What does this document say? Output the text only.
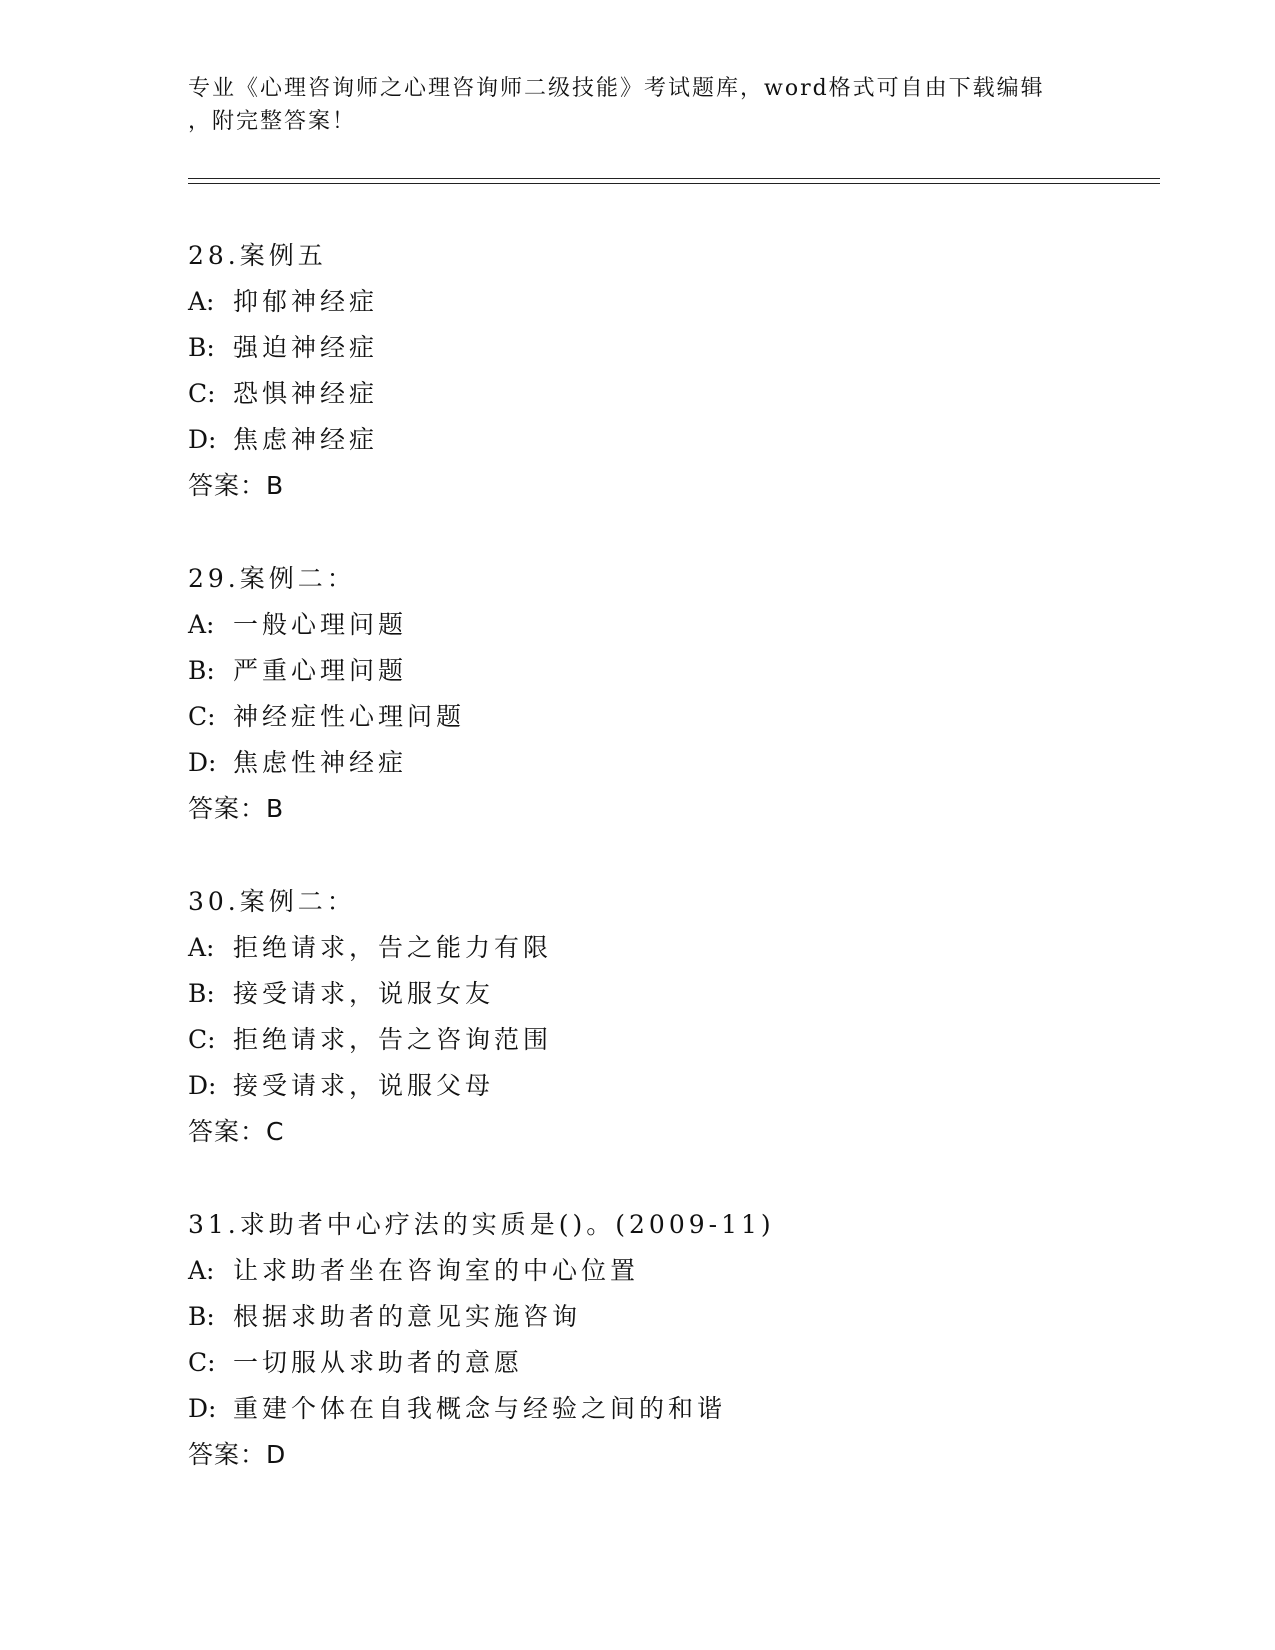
专业《心理咨询师之心理咨询师二级技能》考试题库，word格式可自由下载编辑
，附完整答案！
28.案例五
A: 抑郁神经症
B: 强迫神经症
C: 恐惧神经症
D: 焦虑神经症
答案：B
29.案例二：
A: 一般心理问题
B: 严重心理问题
C: 神经症性心理问题
D: 焦虑性神经症
答案：B
30.案例二：
A: 拒绝请求，告之能力有限
B: 接受请求，说服女友
C: 拒绝请求，告之咨询范围
D: 接受请求，说服父母
答案：C
31.求助者中心疗法的实质是()。(2009-11)
A: 让求助者坐在咨询室的中心位置
B: 根据求助者的意见实施咨询
C: 一切服从求助者的意愿
D: 重建个体在自我概念与经验之间的和谐
答案：D
